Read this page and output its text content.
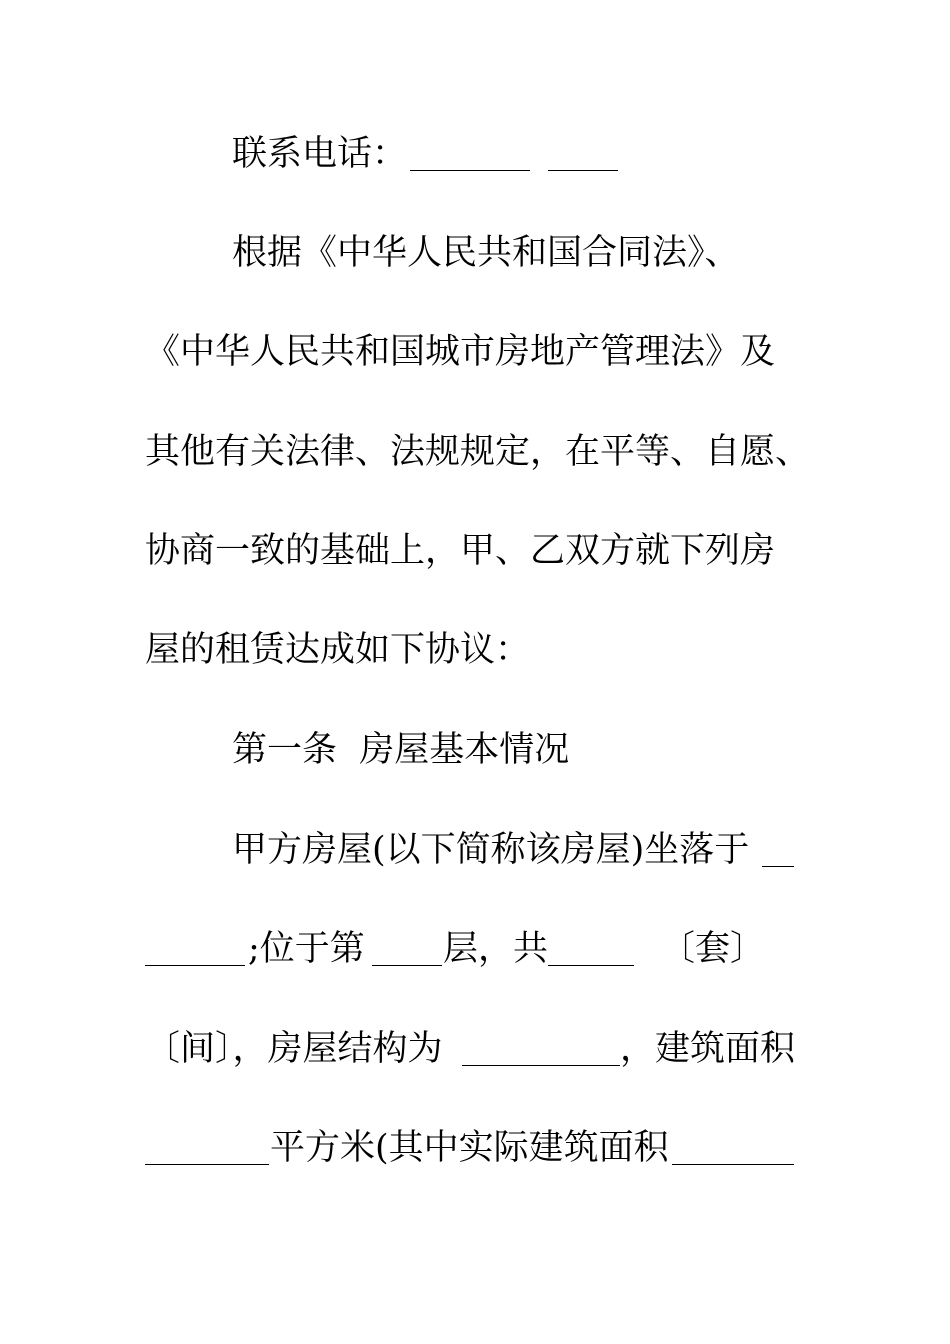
联系电话：
根据《中华人民共和国合同法》、
《中华人民共和国城市房地产管理法》及
其他有关法律、法规规定，在平等、自愿、
协商一致的基础上，甲、乙双方就下列房
屋的租赁达成如下协议：
第一条  房屋基本情况
甲方房屋(以下简称该房屋)坐落于
;位于第 层，共	〔套〕
〔间〕，房屋结构为	，建筑面积
平方米(其中实际建筑面积
